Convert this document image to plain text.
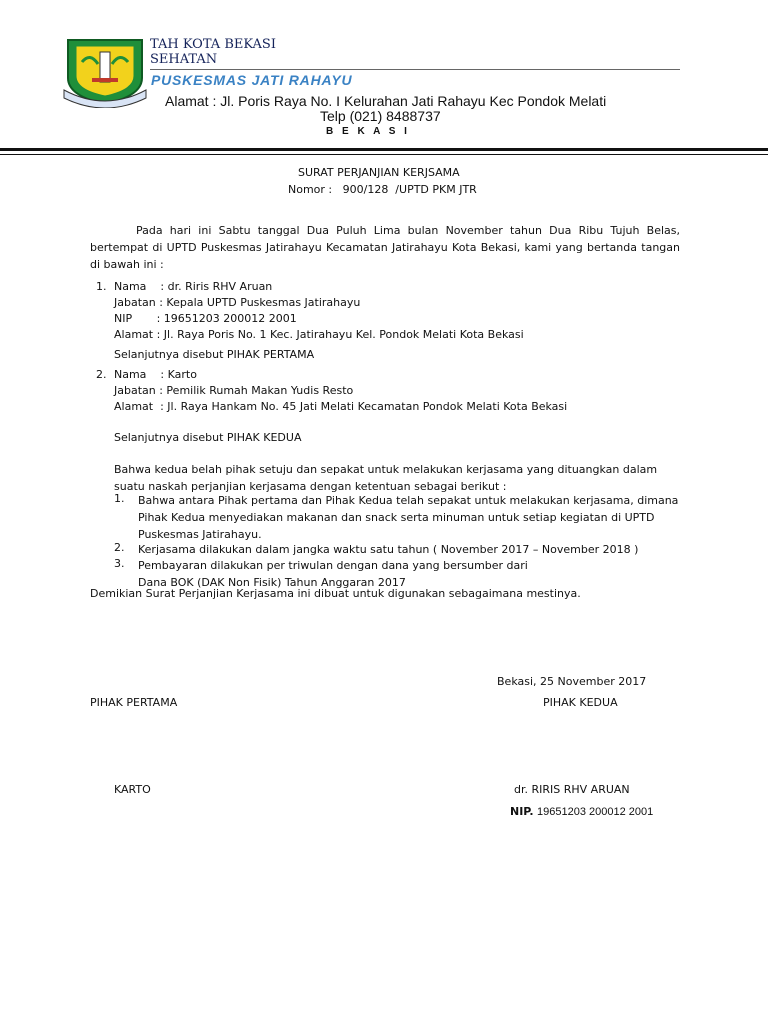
TAH KOTA BEKASI
SEHATAN
PUSKESMAS JATI RAHAYU
Alamat : Jl. Poris Raya No. I Kelurahan Jati Rahayu Kec Pondok Melati
Telp (021) 8488737
B E K A S I
SURAT PERJANJIAN KERJSAMA
Nomor :   900/128  /UPTD PKM JTR
Pada hari ini Sabtu tanggal Dua Puluh Lima bulan November tahun Dua Ribu Tujuh Belas, bertempat di UPTD Puskesmas Jatirahayu Kecamatan Jatirahayu Kota Bekasi, kami yang bertanda tangan di bawah ini :
1. Nama    : dr. Riris RHV Aruan
Jabatan : Kepala UPTD Puskesmas Jatirahayu
NIP       : 19651203 200012 2001
Alamat : Jl. Raya Poris No. 1 Kec. Jatirahayu Kel. Pondok Melati Kota Bekasi
Selanjutnya disebut PIHAK PERTAMA
2. Nama    : Karto
Jabatan : Pemilik Rumah Makan Yudis Resto
Alamat  : Jl. Raya Hankam No. 45 Jati Melati Kecamatan Pondok Melati Kota Bekasi
Selanjutnya disebut PIHAK KEDUA
Bahwa kedua belah pihak setuju dan sepakat untuk melakukan kerjasama yang dituangkan dalam suatu naskah perjanjian kerjasama dengan ketentuan sebagai berikut :
1. Bahwa antara Pihak pertama dan Pihak Kedua telah sepakat untuk melakukan kerjasama, dimana Pihak Kedua menyediakan makanan dan snack serta minuman untuk setiap kegiatan di UPTD Puskesmas Jatirahayu.
2. Kerjasama dilakukan dalam jangka waktu satu tahun ( November 2017 – November 2018 )
3. Pembayaran dilakukan per triwulan dengan dana yang bersumber dari Dana BOK (DAK Non Fisik) Tahun Anggaran 2017
Demikian Surat Perjanjian Kerjasama ini dibuat untuk digunakan sebagaimana mestinya.
Bekasi, 25 November 2017
PIHAK PERTAMA	PIHAK KEDUA
KARTO	dr. RIRIS RHV ARUAN
NIP. 19651203 200012 2001
